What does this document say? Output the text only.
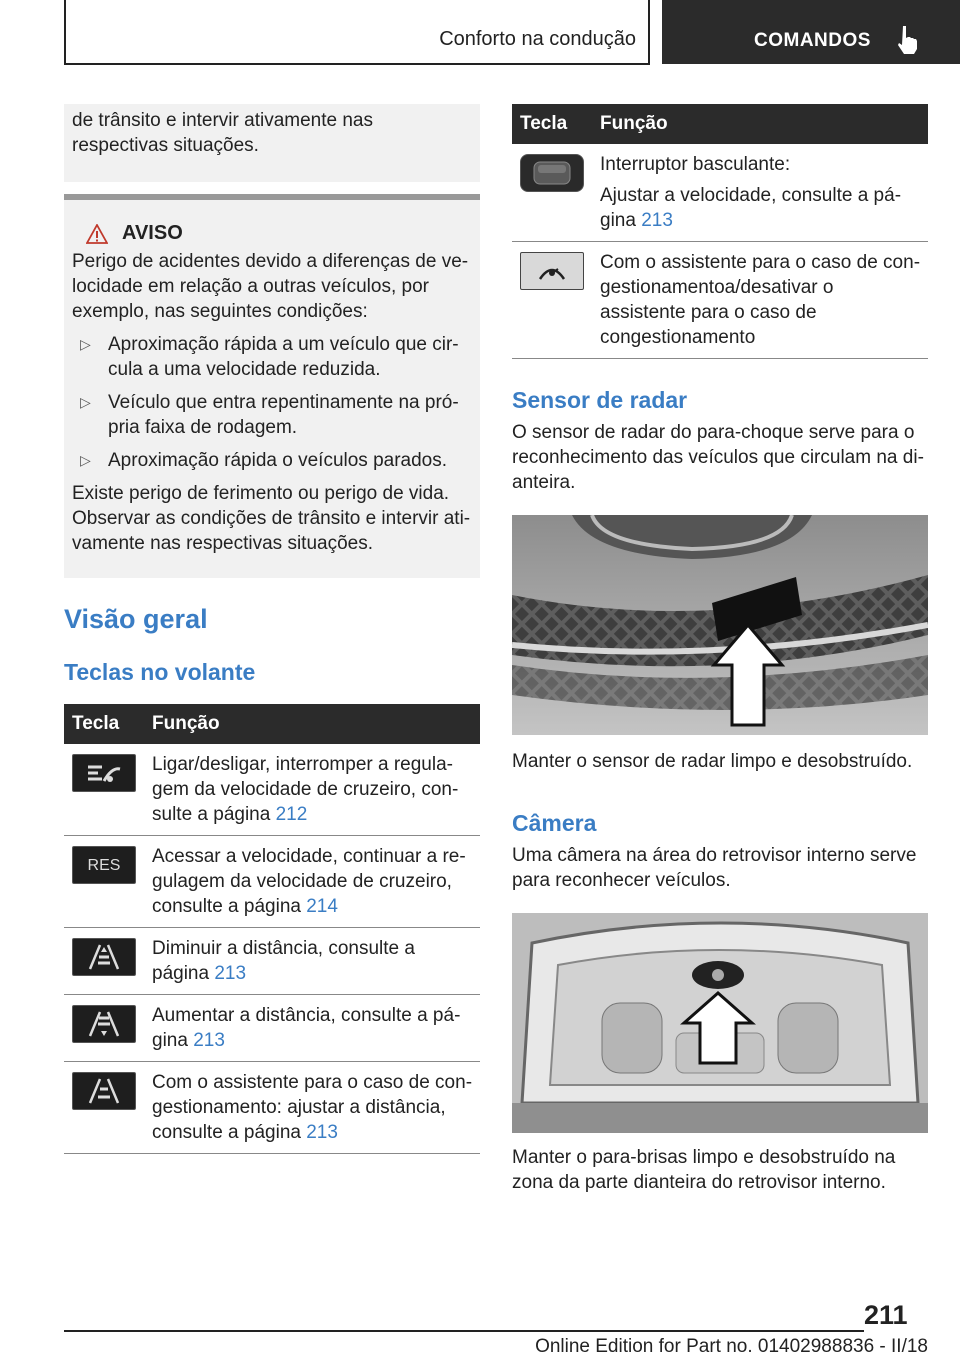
Conforto na condução	COMANDOS

de trânsito e intervir ativamente nas respectivas situações.

AVISO

Perigo de acidentes devido a diferenças de velocidade em relação a outras veículos, por exemplo, nas seguintes condições:

▷ Aproximação rápida a um veículo que circula a uma velocidade reduzida.
▷ Veículo que entra repentinamente na própria faixa de rodagem.
▷ Aproximação rápida o veículos parados.

Existe perigo de ferimento ou perigo de vida. Observar as condições de trânsito e intervir ativamente nas respectivas situações.

Visão geral
Teclas no volante
Tecla	Função

	Ligar/desligar, interromper a regulagem da velocidade de cruzeiro, consulte a página 212

RES	Acessar a velocidade, continuar a regulagem da velocidade de cruzeiro, consulte a página 214

	Diminuir a distância, consulte a página 213

	Aumentar a distância, consulte a página 213

	Com o assistente para o caso de congestionamento: ajustar a distância, consulte a página 213
Tecla	Função

Interruptor basculante:
Ajustar a velocidade, consulte a página 213

	Com o assistente para o caso de congestionamentoa/desativar o assistente para o caso de congestionamento
Sensor de radar

O sensor de radar do para-choque serve para o reconhecimento das veículos que circulam na dianteira.

Manter o sensor de radar limpo e desobstruído.

Câmera

Uma câmera na área do retrovisor interno serve para reconhecer veículos.

Manter o para-brisas limpo e desobstruído na zona da parte dianteira do retrovisor interno.

211
Online Edition for Part no. 01402988836 - II/18
